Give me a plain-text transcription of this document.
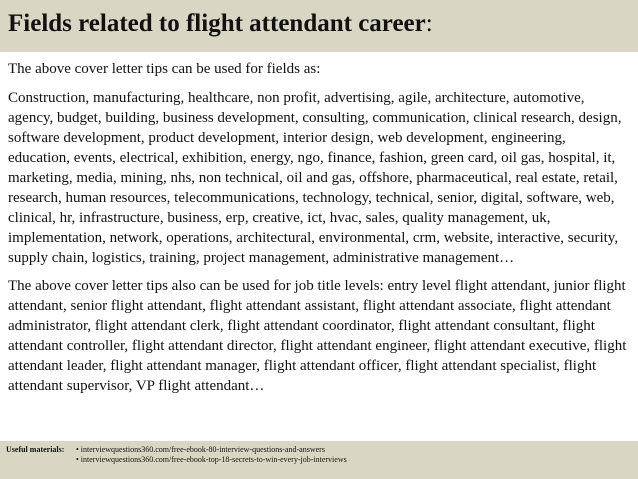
Fields related to flight attendant career:

The above cover letter tips can be used for fields as:

Construction, manufacturing, healthcare, non profit, advertising, agile, architecture, automotive, agency, budget, building, business development, consulting, communication, clinical research, design, software development, product development, interior design, web development, engineering, education, events, electrical, exhibition, energy, ngo, finance, fashion, green card, oil gas, hospital, it, marketing, media, mining, nhs, non technical, oil and gas, offshore, pharmaceutical, real estate, retail, research, human resources, telecommunications, technology, technical, senior, digital, software, web, clinical, hr, infrastructure, business, erp, creative, ict, hvac, sales, quality management, uk, implementation, network, operations, architectural, environmental, crm, website, interactive, security, supply chain, logistics, training, project management, administrative management…

The above cover letter tips also can be used for job title levels: entry level flight attendant, junior flight attendant, senior flight attendant, flight attendant assistant, flight attendant associate, flight attendant administrator, flight attendant clerk, flight attendant coordinator, flight attendant consultant, flight attendant controller, flight attendant director, flight attendant engineer, flight attendant executive, flight attendant leader, flight attendant manager, flight attendant officer, flight attendant specialist, flight attendant supervisor, VP flight attendant…

Useful materials:	• interviewquestions360.com/free-ebook-80-interview-questions-and-answers
• interviewquestions360.com/free-ebook-top-18-secrets-to-win-every-job-interviews
